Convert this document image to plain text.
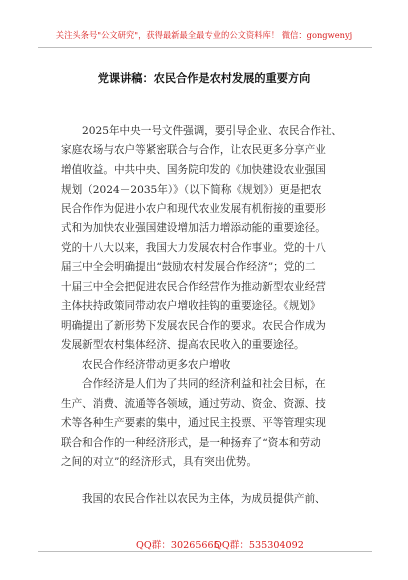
关注头条号"公文研究"，获得最新最全最专业的公文资料库！ 微信：gongwenyj
党课讲稿：农民合作是农村发展的重要方向
2025年中央一号文件强调，要引导企业、农民合作社、
家庭农场与农户等紧密联合与合作，让农民更多分享产业
增值收益。中共中央、国务院印发的《加快建设农业强国
规划（2024－2035年）》（以下简称《规划》）更是把农
民合作作为促进小农户和现代农业发展有机衔接的重要形
式和为加快农业强国建设增加活力增添动能的重要途径。
党的十八大以来，我国大力发展农村合作事业。党的十八
届三中全会明确提出“鼓励农村发展合作经济”；党的二
十届三中全会把促进农民合作经营作为推动新型农业经营
主体扶持政策同带动农户增收挂钩的重要途径。《规划》
明确提出了新形势下发展农民合作的要求。农民合作成为
发展新型农村集体经济、提高农民收入的重要途径。
农民合作经济带动更多农户增收
合作经济是人们为了共同的经济利益和社会目标，在
生产、消费、流通等各领域，通过劳动、资金、资源、技
术等各种生产要素的集中，通过民主投票、平等管理实现
联合和合作的一种经济形式，是一种扬弃了“资本和劳动
之间的对立”的经济形式，具有突出优势。
我国的农民合作社以农民为主体，为成员提供产前、
QQ群：30265665
QQ群：535304092
